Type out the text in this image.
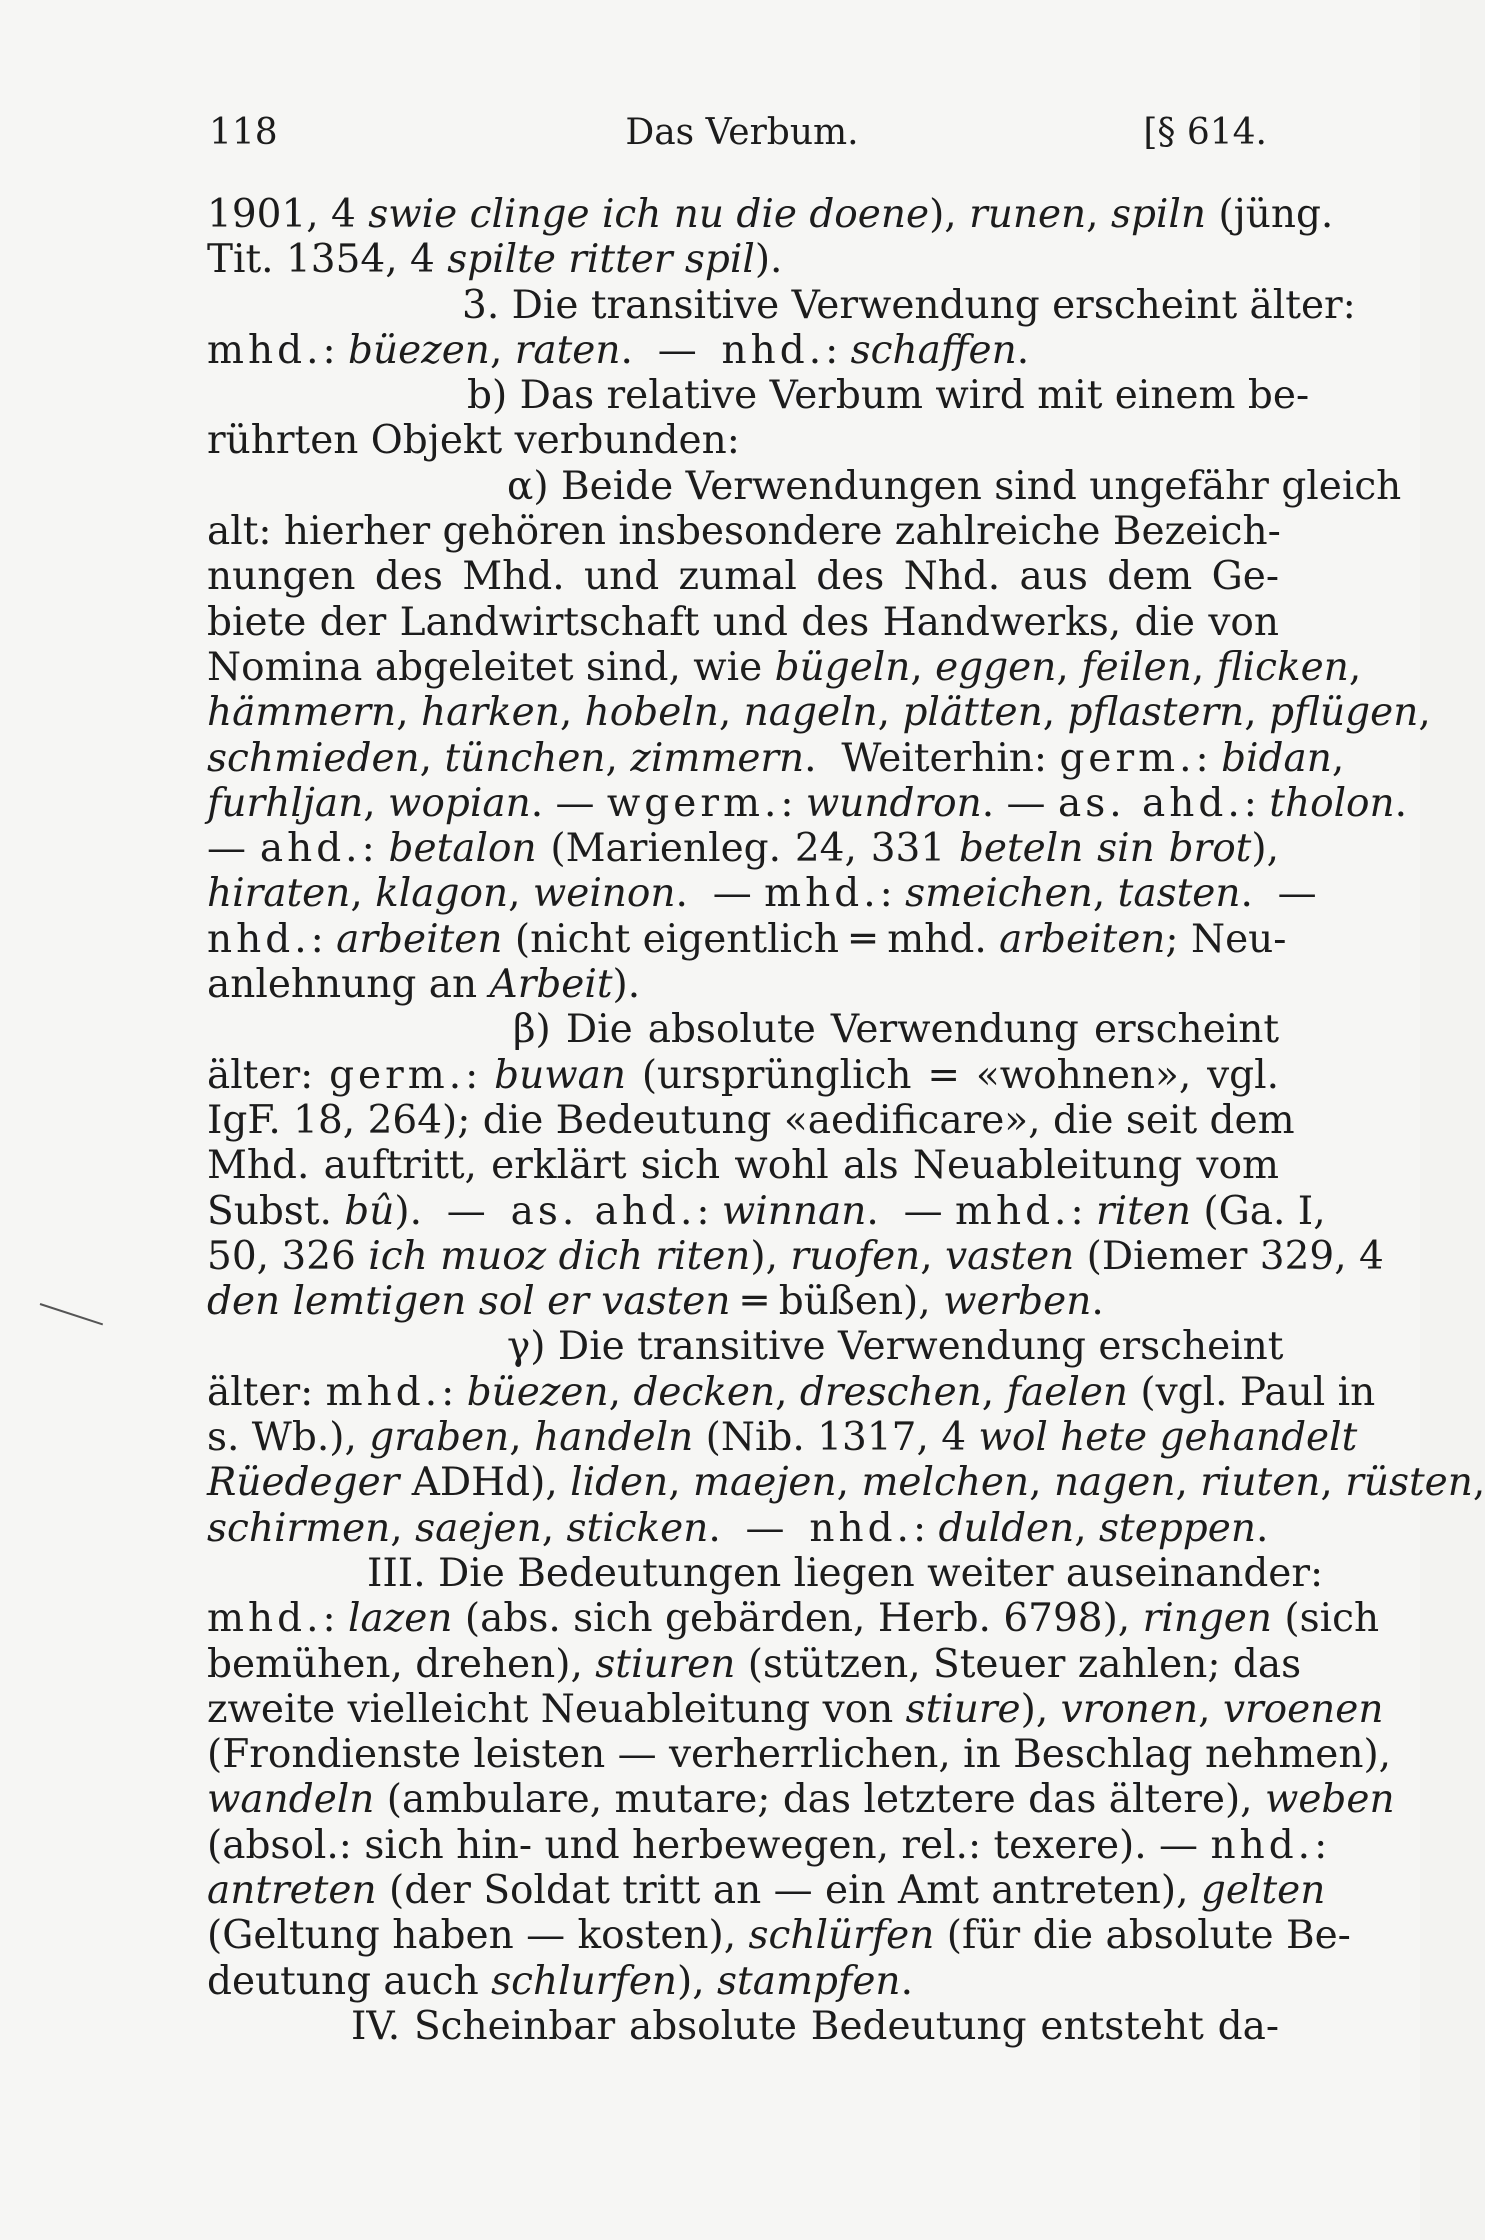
118	Das Verbum.	[§ 614.
1901, 4 swie clinge ich nu die doene), runen, spiln (jüng.
Tit. 1354, 4 spilte ritter spil).
3. Die transitive Verwendung erscheint älter:
mhd.: büezen, raten.  —  nhd.: schaffen.
b) Das relative Verbum wird mit einem be-
rührten Objekt verbunden:
α) Beide Verwendungen sind ungefähr gleich
alt: hierher gehören insbesondere zahlreiche Bezeich-
nungen des Mhd. und zumal des Nhd. aus dem Ge-
biete der Landwirtschaft und des Handwerks, die von
Nomina abgeleitet sind, wie bügeln, eggen, feilen, flicken,
hämmern, harken, hobeln, nageln, plätten, pflastern, pflügen,
schmieden, tünchen, zimmern.  Weiterhin: germ.: bidan,
furhljan, wopian. — wgerm.: wundron. — as. ahd.: tholon.
— ahd.: betalon (Marienleg. 24, 331 beteln sin brot),
hiraten, klagon, weinon.  — mhd.: smeichen, tasten.  —
nhd.: arbeiten (nicht eigentlich ═ mhd. arbeiten; Neu-
anlehnung an Arbeit).
β) Die absolute Verwendung erscheint
älter: germ.: buwan (ursprünglich = «wohnen», vgl.
IgF. 18, 264); die Bedeutung «aedificare», die seit dem
Mhd. auftritt, erklärt sich wohl als Neuableitung vom
Subst. bû).  —  as. ahd.: winnan.  — mhd.: riten (Ga. I,
50, 326 ich muoz dich riten), ruofen, vasten (Diemer 329, 4
den lemtigen sol er vasten ═ büßen), werben.
γ) Die transitive Verwendung erscheint
älter: mhd.: büezen, decken, dreschen, faelen (vgl. Paul in
s. Wb.), graben, handeln (Nib. 1317, 4 wol hete gehandelt
Rüedeger ADHd), liden, maejen, melchen, nagen, riuten, rüsten,
schirmen, saejen, sticken.  —  nhd.: dulden, steppen.
III. Die Bedeutungen liegen weiter auseinander:
mhd.: lazen (abs. sich gebärden, Herb. 6798), ringen (sich
bemühen, drehen), stiuren (stützen, Steuer zahlen; das
zweite vielleicht Neuableitung von stiure), vronen, vroenen
(Frondienste leisten — verherrlichen, in Beschlag nehmen),
wandeln (ambulare, mutare; das letztere das ältere), weben
(absol.: sich hin- und herbewegen, rel.: texere). — nhd.:
antreten (der Soldat tritt an — ein Amt antreten), gelten
(Geltung haben — kosten), schlürfen (für die absolute Be-
deutung auch schlurfen), stampfen.
IV. Scheinbar absolute Bedeutung entsteht da-
